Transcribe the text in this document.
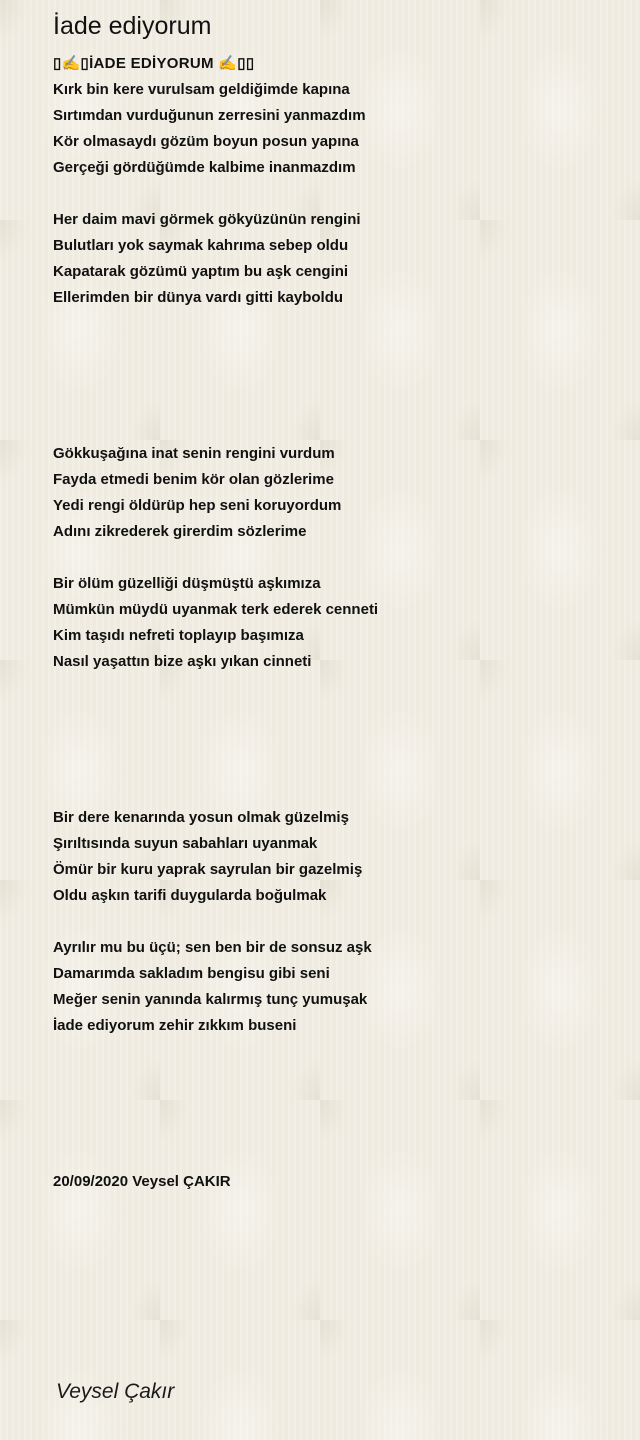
İade ediyorum
▯✍▯İADE EDİYORUM ✍▯▯
Kırk bin kere vurulsam geldiğimde kapına
Sırtımdan vurduğunun zerresini yanmazdım
Kör olmasaydı gözüm boyun posun yapına
Gerçeği gördüğümde kalbime inanmazdım
Her daim mavi görmek gökyüzünün rengini
Bulutları yok saymak kahrıma sebep oldu
Kapatarak gözümü yaptım bu aşk cengini
Ellerimden bir dünya vardı gitti kayboldu
Gökkuşağına inat senin rengini vurdum
Fayda etmedi benim kör olan gözlerime
Yedi rengi öldürüp hep seni koruyordum
Adını zikrederek girerdim sözlerime
Bir ölüm güzelliği düşmüştü aşkımıza
Mümkün müydü uyanmak terk ederek cenneti
Kim taşıdı nefreti toplayıp başımıza
Nasıl yaşattın bize aşkı yıkan cinneti
Bir dere kenarında yosun olmak güzelmiş
Şırıltısında suyun sabahları uyanmak
Ömür bir kuru yaprak sayrulan bir gazelmiş
Oldu aşkın tarifi duygularda boğulmak
Ayrılır mu bu üçü; sen ben bir de sonsuz aşk
Damarımda sakladım bengisu gibi seni
Meğer senin yanında kalırmış tunç yumuşak
İade ediyorum zehir zıkkım buseni
20/09/2020 Veysel ÇAKIR
Veysel Çakır
